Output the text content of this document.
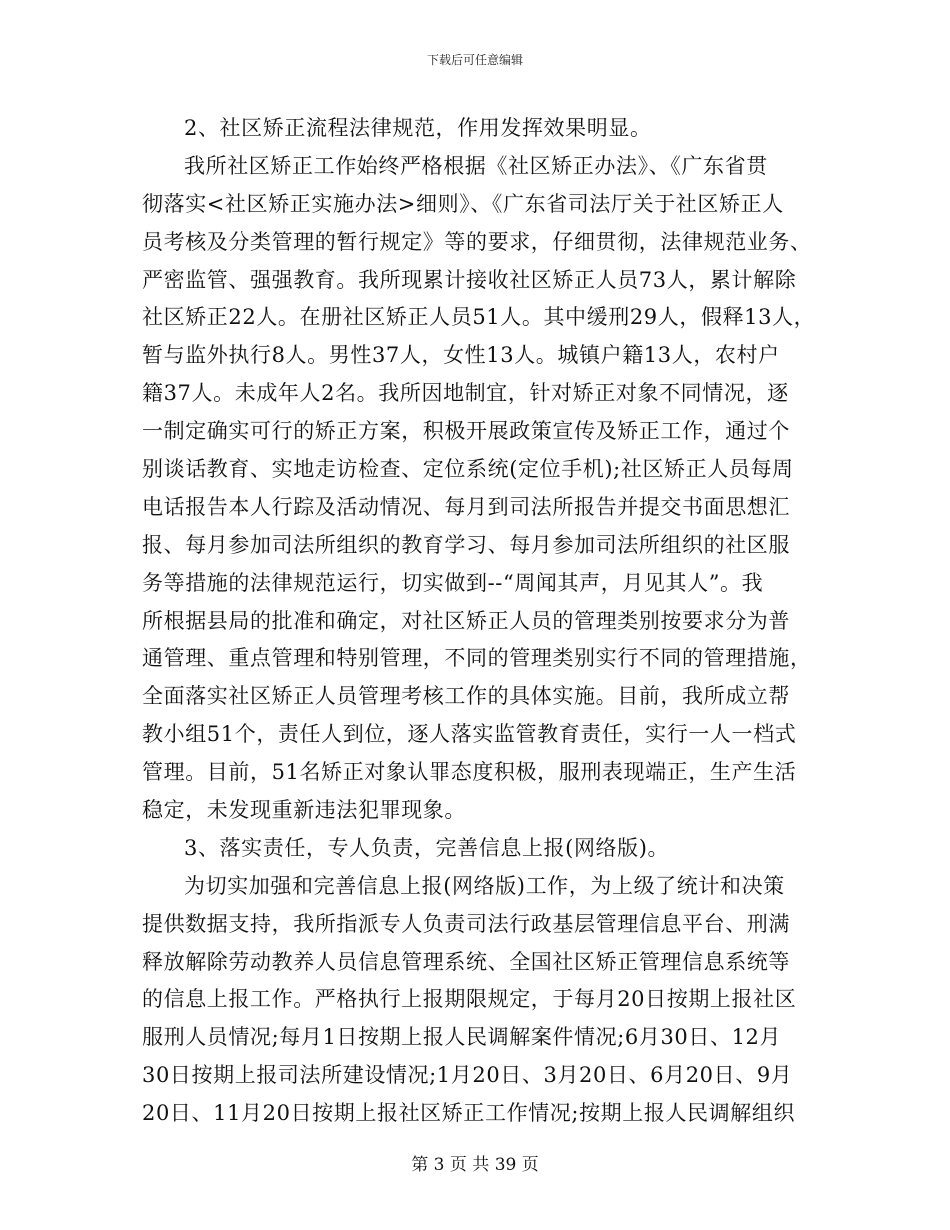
下载后可任意编辑
2、社区矫正流程法律规范，作用发挥效果明显。
我所社区矫正工作始终严格根据《社区矫正办法》、《广东省贯
彻落实<社区矫正实施办法>细则》、《广东省司法厅关于社区矫正人
员考核及分类管理的暂行规定》等的要求，仔细贯彻，法律规范业务、
严密监管、强强教育。我所现累计接收社区矫正人员73人，累计解除
社区矫正22人。在册社区矫正人员51人。其中缓刑29人，假释13人，
暂与监外执行8人。男性37人，女性13人。城镇户籍13人，农村户
籍37人。未成年人2名。我所因地制宜，针对矫正对象不同情况，逐
一制定确实可行的矫正方案，积极开展政策宣传及矫正工作，通过个
别谈话教育、实地走访检查、定位系统(定位手机);社区矫正人员每周
电话报告本人行踪及活动情况、每月到司法所报告并提交书面思想汇
报、每月参加司法所组织的教育学习、每月参加司法所组织的社区服
务等措施的法律规范运行，切实做到--“周闻其声，月见其人”。我
所根据县局的批准和确定，对社区矫正人员的管理类别按要求分为普
通管理、重点管理和特别管理，不同的管理类别实行不同的管理措施，
全面落实社区矫正人员管理考核工作的具体实施。目前，我所成立帮
教小组51个，责任人到位，逐人落实监管教育责任，实行一人一档式
管理。目前，51名矫正对象认罪态度积极，服刑表现端正，生产生活
稳定，未发现重新违法犯罪现象。
3、落实责任，专人负责，完善信息上报(网络版)。
为切实加强和完善信息上报(网络版)工作，为上级了统计和决策
提供数据支持，我所指派专人负责司法行政基层管理信息平台、刑满
释放解除劳动教养人员信息管理系统、全国社区矫正管理信息系统等
的信息上报工作。严格执行上报期限规定，于每月20日按期上报社区
服刑人员情况;每月1日按期上报人民调解案件情况;6月30日、12月
30日按期上报司法所建设情况;1月20日、3月20日、6月20日、9月
20日、11月20日按期上报社区矫正工作情况;按期上报人民调解组织
第 3 页 共 39 页
